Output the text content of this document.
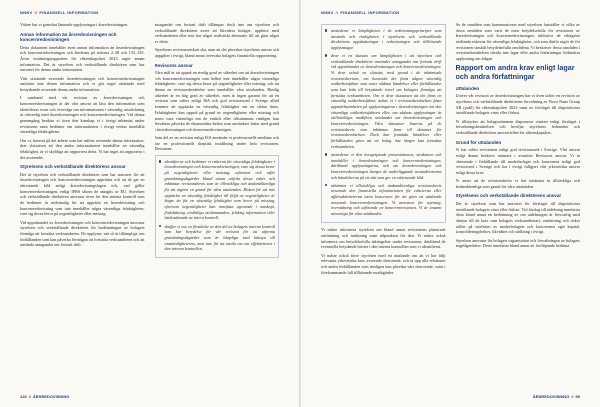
NNNV // FINANSIELL INFORMATION

Vidare har vi granskat lämnade upplysningar i årsredovisningen.

Annan information än årsredovisningen och koncernredovisningen

Detta dokument innehåller även annan information än årsredovisningen och koncernredovisningen och återfinns på sidorna 2–38 och 133–135. Även ersättningsrapporten för räkenskapsåret 2023 utgör annan information. Det är styrelsen och verkställande direktören som har ansvaret för denna andra information.

Vårt uttalande avseende årsredovisningen och koncernredovisningen omfattar inte denna information och vi gör inget uttalande med bestyrkande avseende denna andra information.

I samband med vår revision av årsredovisningen och koncernredovisningen är det vårt ansvar att läsa den information som identifieras ovan och överväga om informationen i väsentlig utsträckning är oförenlig med årsredovisningen och koncernredovisningen. Vid denna genomgång beaktar vi även den kunskap vi i övrigt inhämtat under revisionen samt bedömer om informationen i övrigt verkar innehålla väsentliga felaktigheter.

Om vi, baserat på det arbete som har utförts avseende denna information, drar slutsatsen att den andra informationen innehåller en väsentlig felaktighet, är vi skyldiga att rapportera detta. Vi har inget att rapportera i det avseendet.

Styrelsens och verkställande direktörens ansvar

Det är styrelsen och verkställande direktören som har ansvaret för att årsredovisningen och koncernredovisningen upprättas och att de ger en rättvisande bild enligt årsredovisningslagen och, vad gäller koncernredovisningen, enligt IFRS såsom de antagits av EU. Styrelsen och verkställande direktören ansvarar även för den interna kontroll som de bedömer är nödvändig för att upprätta en årsredovisning och koncernredovisning som inte innehåller några väsentliga felaktigheter, vare sig dessa beror på oegentligheter eller misstag.

Vid upprättandet av årsredovisningen och koncernredovisningen ansvarar styrelsen och verkställande direktören för bedömningen av bolagets förmåga att fortsätta verksamheten. De upplyser, när så är tillämpligt, om förhållanden som kan påverka förmågan att fortsätta verksamheten och att använda antagandet om fortsatt drift.

antagandet om fortsatt drift tillämpas dock inte om styrelsen och verkställande direktören avser att likvidera bolaget, upphöra med verksamheten eller inte har något realistiskt alternativ till att göra något av detta.

Styrelsens revisionsutskott ska, utan att det påverkar styrelsens ansvar och uppgifter i övrigt, bland annat övervaka bolagets finansiella rapportering.

Revisorns ansvar

Våra mål är att uppnå en rimlig grad av säkerhet om att årsredovisningen och koncernredovisningen som helhet inte innehåller några väsentliga felaktigheter, vare sig dessa beror på oegentligheter eller misstag, och att lämna en revisionsberättelse som innehåller våra uttalanden. Rimlig säkerhet är en hög grad av säkerhet, men är ingen garanti för att en revision som utförs enligt ISA och god revisionssed i Sverige alltid kommer att upptäcka en väsentlig felaktighet om en sådan finns. Felaktigheter kan uppstå på grund av oegentligheter eller misstag och anses vara väsentliga om de enskilt eller tillsammans rimligen kan förväntas påverka de ekonomiska beslut som användare fattar med grund i årsredovisningen och koncernredovisningen.

Som del av en revision enligt ISA använder vi professionellt omdöme och har en professionellt skeptisk inställning under hela revisionen. Dessutom:

identifierar och bedömer vi riskerna för väsentliga felaktigheter i årsredovisningen och koncernredovisningen, vare sig dessa beror på oegentligheter eller misstag, utformar och utför granskningsåtgärder bland annat utifrån dessa risker och inhämtar revisionsbevis som är tillräckliga och ändamålsenliga för att utgöra en grund för våra uttalanden. Risken för att inte upptäcka en väsentlig felaktighet till följd av oegentligheter är högre än för en väsentlig felaktighet som beror på misstag, eftersom oegentligheter kan innefatta agerande i maskopi, förfalskning, avsiktliga utelämnanden, felaktig information eller åsidosättande av intern kontroll.
skaffar vi oss en förståelse av den del av bolagets interna kontroll som har betydelse för vår revision för att utforma granskningsåtgärder som är lämpliga med hänsyn till omständigheterna, men inte för att uttala oss om effektiviteten i den interna kontrollen.
126 // ÅRSREDOVISNING
NNNV // FINANSIELL INFORMATION
utvärderar vi lämpligheten i de redovisningsprinciper som används och rimligheten i styrelsens och verkställande direktörens uppskattningar i redovisningen och tillhörande upplysningar.
drar vi en slutsats om lämpligheten i att styrelsen och verkställande direktören använder antagandet om fortsatt drift vid upprättandet av årsredovisningen och koncernredovisningen. Vi drar också en slutsats, med grund i de inhämtade revisionsbevisen, om huruvida det finns någon väsentlig osäkerhetsfaktor som avser sådana händelser eller förhållanden som kan leda till betydande tvivel om bolagets förmåga att fortsätta verksamheten. Om vi drar slutsatsen att det finns en väsentlig osäkerhetsfaktor, måste vi i revisionsberättelsen fästa uppmärksamheten på upplysningarna i årsredovisningen om den väsentliga osäkerhetsfaktorn eller, om sådana upplysningar är otillräckliga, modifiera uttalandet om årsredovisningen och koncernredovisningen. Våra slutsatser baseras på de revisionsbevis som inhämtas fram till datumet för revisionsberättelsen. Dock kan framtida händelser eller förhållanden göra att ett bolag inte längre kan fortsätta verksamheten.
utvärderar vi den övergripande presentationen, strukturen och innehållet i årsredovisningen och koncernredovisningen, däribland upplysningarna, och om årsredovisningen och koncernredovisningen återger de underliggande transaktionerna och händelserna på ett sätt som ger en rättvisande bild.
inhämtar vi tillräckliga och ändamålsenliga revisionsbevis avseende den finansiella informationen för enheterna eller affärsaktiviteterna inom koncernen för att göra ett uttalande avseende koncernredovisningen. Vi ansvarar för styrning, övervakning och utförande av koncernrevisionen. Vi är ensamt ansvariga för våra uttalanden.

Vi måste informera styrelsen om bland annat revisionens planerade omfattning och inriktning samt tidpunkten för den. Vi måste också informera om betydelsefulla iakttagelser under revisionen, däribland de eventuella betydande brister i den interna kontrollen som vi identifierat.

Vi måste också förse styrelsen med ett uttalande om att vi har följt relevanta yrkesetiska krav avseende oberoende, och ta upp alla relationer och andra förhållanden som rimligen kan påverka vårt oberoende, samt i förekommande fall tillhörande motåtgärder.

Av de områden som kommuniceras med styrelsen fastställer vi vilka av dessa områden som varit de mest betydelsefulla för revisionen av årsredovisningen och koncernredovisningen, inklusive de viktigaste bedömda riskerna för väsentliga felaktigheter, och som därför utgör de för revisionen särskilt betydelsefulla områdena. Vi beskriver dessa områden i revisionsberättelsen såvida inte lagar eller andra författningar förhindrar upplysning om frågan.

Rapport om andra krav enligt lagar och andra författningar
Uttalanden

Utöver vår revision av årsredovisningen har vi även utfört en revision av styrelsens och verkställande direktörens förvaltning av Novo Nano Group AB (publ) för räkenskapsåret 2023 samt av förslaget till dispositioner beträffande bolagets vinst eller förlust.

Vi tillstyrker att bolagsstämman disponerar vinsten enligt förslaget i förvaltningsberättelsen och beviljar styrelsens ledamöter och verkställande direktören ansvarsfrihet för räkenskapsåret.

Grund för uttalanden

Vi har utfört revisionen enligt god revisionssed i Sverige. Vårt ansvar enligt denna beskrivs närmare i avsnittet Revisorns ansvar. Vi är oberoende i förhållande till moderbolaget och koncernen enligt god revisorssed i Sverige och har i övrigt fullgjort vårt yrkesetiska ansvar enligt dessa krav.

Vi anser att de revisionsbevis vi har inhämtat är tillräckliga och ändamålsenliga som grund för våra uttalanden.

Styrelsens och verkställande direktörens ansvar

Det är styrelsen som har ansvaret för förslaget till dispositioner beträffande bolagets vinst eller förlust. Vid förslag till utdelning innefattar detta bland annat en bedömning av om utdelningen är försvarlig med hänsyn till de krav som bolagets verksamhetsart, omfattning och risker ställer på storleken av moderbolagets och koncernens eget kapital, konsolideringsbehov, likviditet och ställning i övrigt.

Styrelsen ansvarar för bolagets organisation och förvaltningen av bolagets angelägenheter. Detta innefattar bland annat att fortlöpande bedöma

ÅRSREDOVISNING // 99
